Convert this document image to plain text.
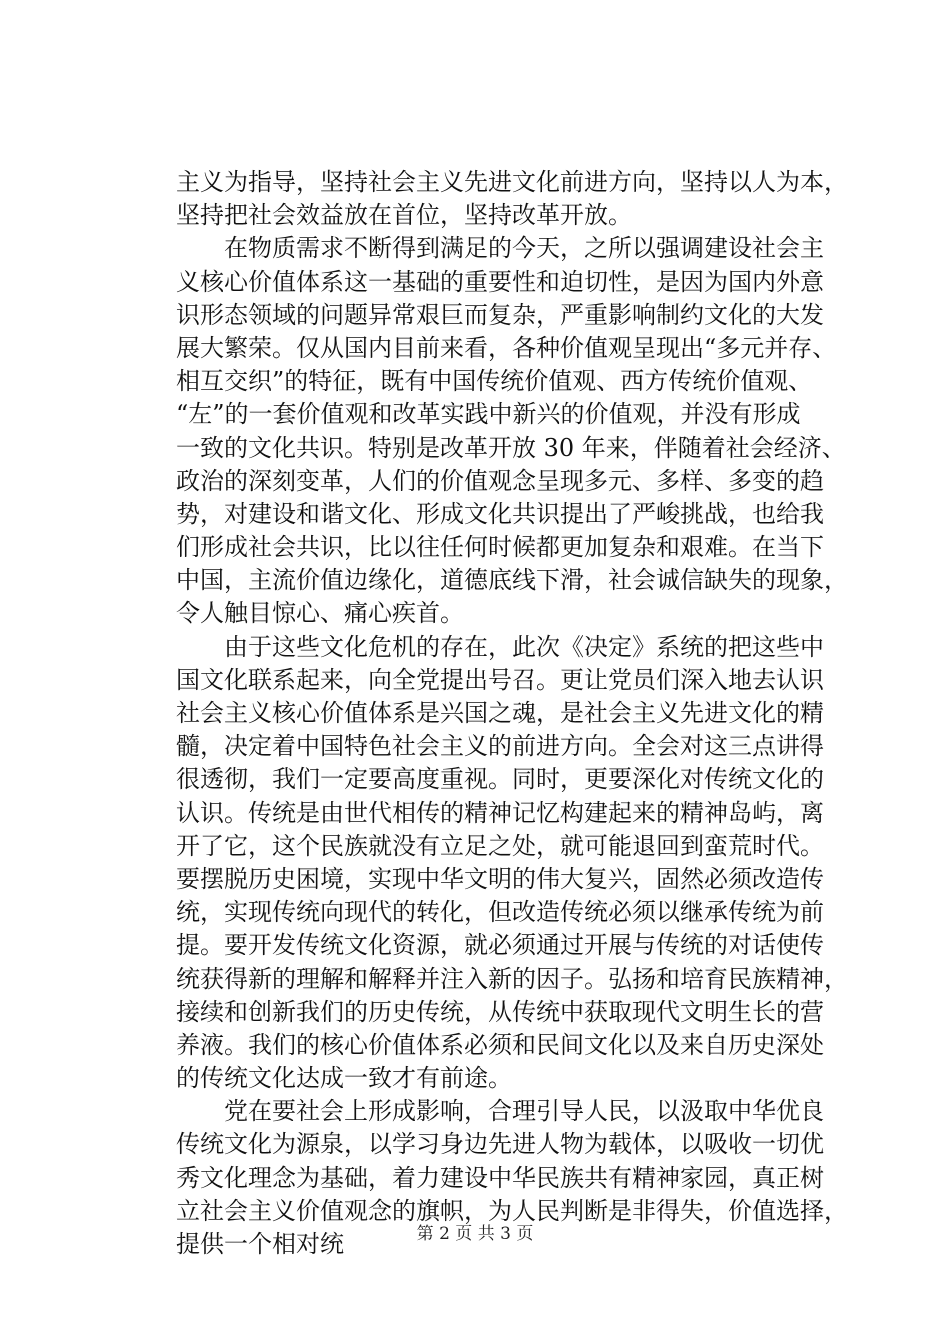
主义为指导，坚持社会主义先进文化前进方向，坚持以人为本，
坚持把社会效益放在首位，坚持改革开放。
在物质需求不断得到满足的今天，之所以强调建设社会主
义核心价值体系这一基础的重要性和迫切性，是因为国内外意
识形态领域的问题异常艰巨而复杂，严重影响制约文化的大发
展大繁荣。仅从国内目前来看，各种价值观呈现出“多元并存、
相互交织”的特征，既有中国传统价值观、西方传统价值观、
“左”的一套价值观和改革实践中新兴的价值观，并没有形成
一致的文化共识。特别是改革开放 30 年来，伴随着社会经济、
政治的深刻变革，人们的价值观念呈现多元、多样、多变的趋
势，对建设和谐文化、形成文化共识提出了严峻挑战，也给我
们形成社会共识，比以往任何时候都更加复杂和艰难。在当下
中国，主流价值边缘化，道德底线下滑，社会诚信缺失的现象，
令人触目惊心、痛心疾首。
由于这些文化危机的存在，此次《决定》系统的把这些中
国文化联系起来，向全党提出号召。更让党员们深入地去认识
社会主义核心价值体系是兴国之魂，是社会主义先进文化的精
髓，决定着中国特色社会主义的前进方向。全会对这三点讲得
很透彻，我们一定要高度重视。同时，更要深化对传统文化的
认识。传统是由世代相传的精神记忆构建起来的精神岛屿，离
开了它，这个民族就没有立足之处，就可能退回到蛮荒时代。
要摆脱历史困境，实现中华文明的伟大复兴，固然必须改造传
统，实现传统向现代的转化，但改造传统必须以继承传统为前
提。要开发传统文化资源，就必须通过开展与传统的对话使传
统获得新的理解和解释并注入新的因子。弘扬和培育民族精神，
接续和创新我们的历史传统，从传统中获取现代文明生长的营
养液。我们的核心价值体系必须和民间文化以及来自历史深处
的传统文化达成一致才有前途。
党在要社会上形成影响，合理引导人民，以汲取中华优良
传统文化为源泉，以学习身边先进人物为载体，以吸收一切优
秀文化理念为基础，着力建设中华民族共有精神家园，真正树
立社会主义价值观念的旗帜，为人民判断是非得失，价值选择，
提供一个相对统	第 2 页 共 3 页
